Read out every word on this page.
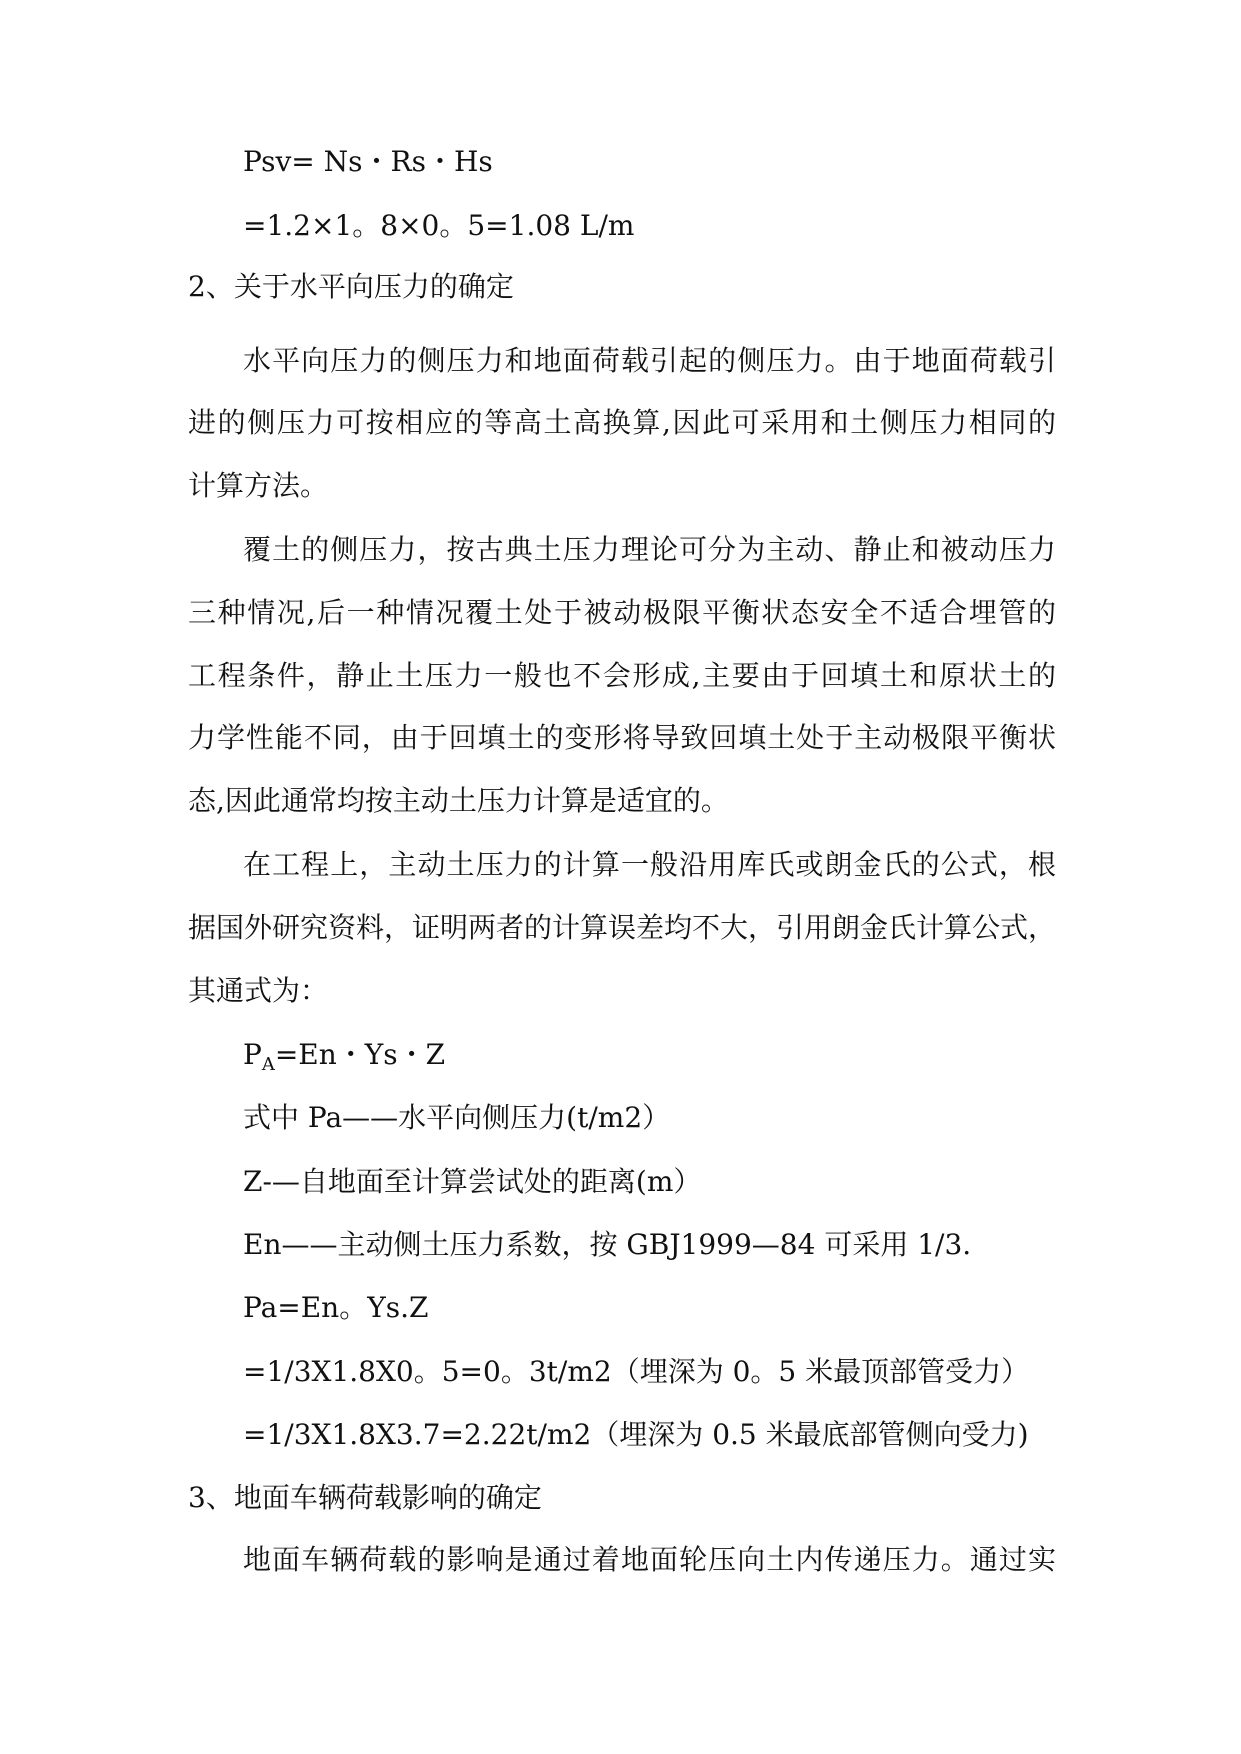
Psv= Ns・Rs・Hs
=1.2×1。8×0。5=1.08 L/m
2、关于水平向压力的确定
水平向压力的侧压力和地面荷载引起的侧压力。由于地面荷载引
进的侧压力可按相应的等高土高换算,因此可采用和土侧压力相同的
计算方法。
覆土的侧压力，按古典土压力理论可分为主动、静止和被动压力
三种情况,后一种情况覆土处于被动极限平衡状态安全不适合埋管的
工程条件，静止土压力一般也不会形成,主要由于回填土和原状土的
力学性能不同，由于回填土的变形将导致回填土处于主动极限平衡状
态,因此通常均按主动土压力计算是适宜的。
在工程上，主动土压力的计算一般沿用库氏或朗金氏的公式，根
据国外研究资料，证明两者的计算误差均不大，引用朗金氏计算公式，
其通式为：
$P_A=En$・Ys・Z
式中 Pa——水平向侧压力(t/m2）
Z-—自地面至计算尝试处的距离(m）
En——主动侧土压力系数，按 GBJ1999—84 可采用 1/3.
Pa=En。Ys.Z
=1/3X1.8X0。5=0。3t/m2（埋深为 0。5 米最顶部管受力）
=1/3X1.8X3.7=2.22t/m2（埋深为 0.5 米最底部管侧向受力)
3、地面车辆荷载影响的确定
地面车辆荷载的影响是通过着地面轮压向土内传递压力。通过实
